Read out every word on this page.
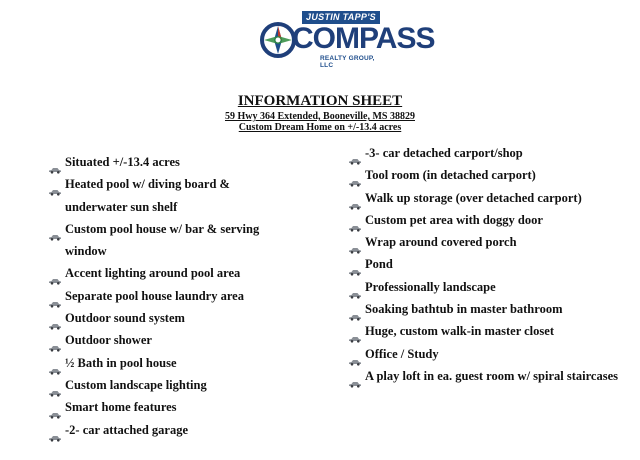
JUSTIN TAPP'S
COMPASS
REALTY GROUP, LLC
INFORMATION SHEET
59 Hwy 364 Extended, Booneville, MS 38829
Custom Dream Home on +/-13.4 acres
Situated +/-13.4 acres
Heated pool w/ diving board & underwater sun shelf
Custom pool house w/ bar & serving window
Accent lighting around pool area
Separate pool house laundry area
Outdoor sound system
Outdoor shower
½ Bath in pool house
Custom landscape lighting
Smart home features
-2- car attached garage
-3- car detached carport/shop
Tool room (in detached carport)
Walk up storage (over detached carport)
Custom pet area with doggy door
Wrap around covered porch
Pond
Professionally landscape
Soaking bathtub in master bathroom
Huge, custom walk-in master closet
Office / Study
A play loft in ea. guest room w/ spiral staircases
